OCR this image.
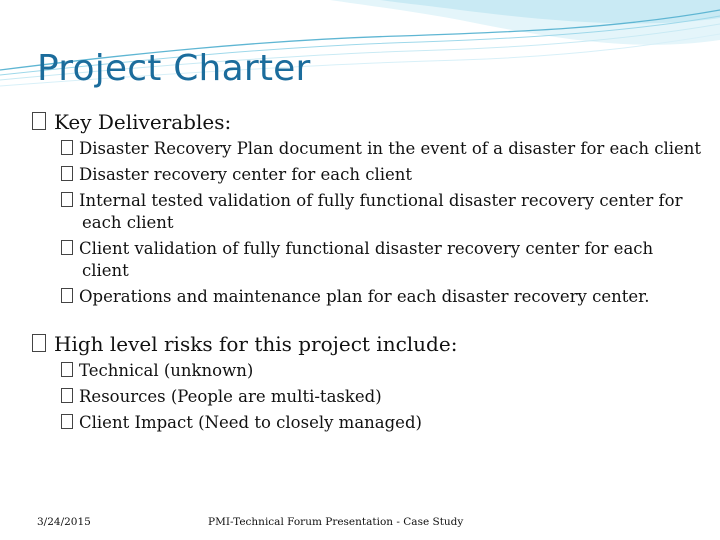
Project Charter

Key Deliverables:

Disaster Recovery Plan document in the event of a disaster for each client

Disaster recovery center for each client

Internal tested validation of fully functional disaster recovery center for each client

Client validation of fully functional disaster recovery center for each client

Operations and maintenance plan for each disaster recovery center.

High level risks for this project include:

Technical (unknown)

Resources (People are multi-tasked)

Client Impact (Need to closely managed)

3/24/2015	PMI-Technical Forum Presentation - Case Study
